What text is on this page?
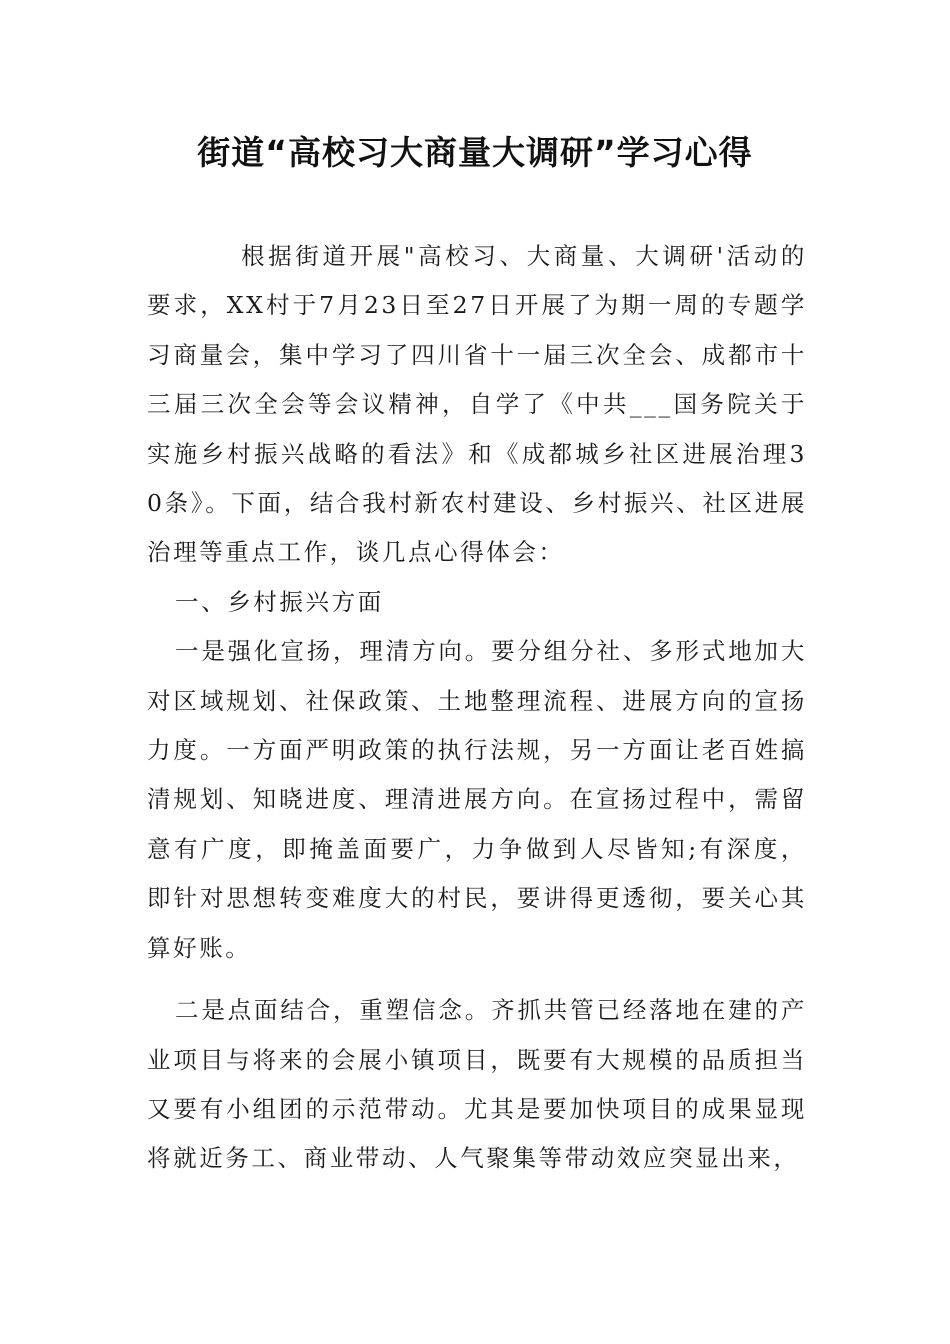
街道“高校习大商量大调研”学习心得

根据街道开展"高校习、大商量、大调研'活动的要求，XX村于7月23日至27日开展了为期一周的专题学习商量会，集中学习了四川省十一届三次全会、成都市十三届三次全会等会议精神，自学了《中共___国务院关于实施乡村振兴战略的看法》和《成都城乡社区进展治理30条》。下面，结合我村新农村建设、乡村振兴、社区进展治理等重点工作，谈几点心得体会：

一、乡村振兴方面

一是强化宣扬，理清方向。要分组分社、多形式地加大对区域规划、社保政策、土地整理流程、进展方向的宣扬力度。一方面严明政策的执行法规，另一方面让老百姓搞清规划、知晓进度、理清进展方向。在宣扬过程中，需留意有广度，即掩盖面要广，力争做到人尽皆知;有深度，即针对思想转变难度大的村民，要讲得更透彻，要关心其算好账。

二是点面结合，重塑信念。齐抓共管已经落地在建的产业项目与将来的会展小镇项目，既要有大规模的品质担当又要有小组团的示范带动。尤其是要加快项目的成果显现将就近务工、商业带动、人气聚集等带动效应突显出来，
